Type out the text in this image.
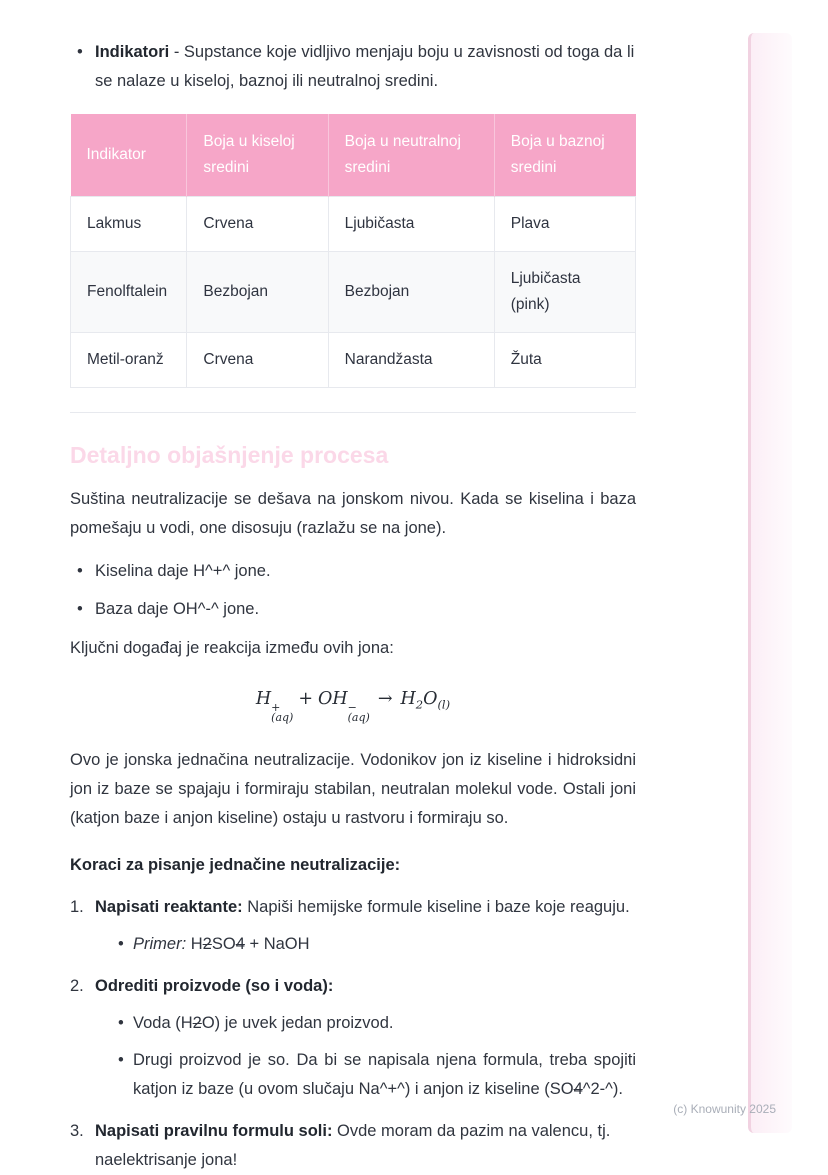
• Indikatori - Supstance koje vidljivo menjaju boju u zavisnosti od toga da li se nalaze u kiseloj, baznoj ili neutralnoj sredini.
Indikator	Boja u kiseloj sredini	Boja u neutralnoj sredini	Boja u baznoj sredini
Lakmus	Crvena	Ljubičasta	Plava
Fenolftalein	Bezbojan	Bezbojan	Ljubičasta (pink)
Metil-oranž	Crvena	Narandžasta	Žuta
Detaljno objašnjenje procesa

Suština neutralizacije se dešava na jonskom nivou. Kada se kiselina i baza pomešaju u vodi, one disosuju (razlažu se na jone).

• Kiselina daje H^+^ jone.
• Baza daje OH^-^ jone.

Ključni događaj je reakcija između ovih jona:

H +
(aq)
+ OH −
(aq)
→ $H_2O_{(l)}$

Ovo je jonska jednačina neutralizacije. Vodonikov jon iz kiseline i hidroksidni jon iz baze se spajaju i formiraju stabilan, neutralan molekul vode. Ostali joni (katjon baze i anjon kiseline) ostaju u rastvoru i formiraju so.

Koraci za pisanje jednačine neutralizacije:

1. Napisati reaktante: Napiši hemijske formule kiseline i baze koje reaguju.
• Primer: H2SO4 + NaOH
2. Odrediti proizvode (so i voda):
• Voda (H2O) je uvek jedan proizvod.
• Drugi proizvod je so. Da bi se napisala njena formula, treba spojiti katjon iz baze (u ovom slučaju Na^+^) i anjon iz kiseline (SO4^2-^).
3. Napisati pravilnu formulu soli: Ovde moram da pazim na valencu, tj. naelektrisanje jona!
(c) Knowunity 2025
